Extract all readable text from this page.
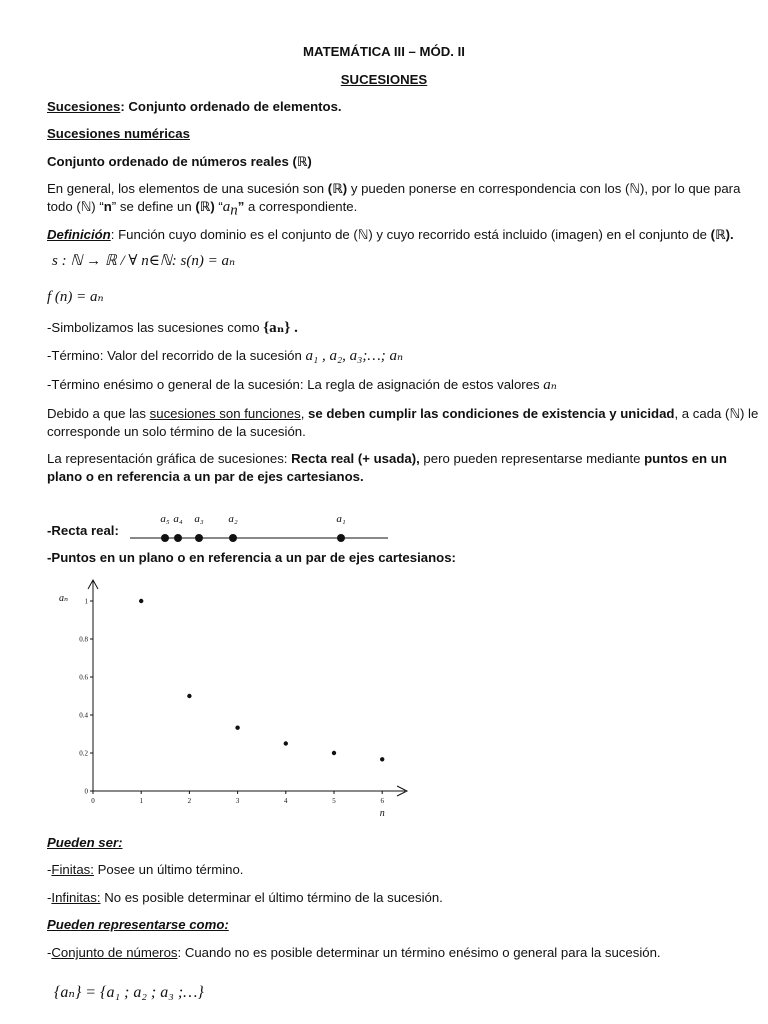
MATEMÁTICA III – MÓD. II
SUCESIONES
Sucesiones: Conjunto ordenado de elementos.
Sucesiones numéricas
Conjunto ordenado de números reales (ℝ)
En general, los elementos de una sucesión son (ℝ) y pueden ponerse en correspondencia con los (ℕ), por lo que para
todo (ℕ) “n” se define un (ℝ) “$a_n$” a correspondiente.
Definición: Función cuyo dominio es el conjunto de (ℕ) y cuyo recorrido está incluido (imagen) en el conjunto de (ℝ).
s : ℕ → ℝ / ∀ n∈ℕ: s(n) = aₙ
f (n) = aₙ
-Simbolizamos las sucesiones como {aₙ} .
-Término: Valor del recorrido de la sucesión a₁ , a₂, a₃;…; aₙ
-Término enésimo o general de la sucesión: La regla de asignación de estos valores aₙ
Debido a que las sucesiones son funciones, se deben cumplir las condiciones de existencia y unicidad, a cada (ℕ) le
corresponde un solo término de la sucesión.
La representación gráfica de sucesiones: Recta real (+ usada), pero pueden representarse mediante puntos en un
plano o en referencia a un par de ejes cartesianos.
-Recta real:
a₅ a₄ a₃ a₂	a₁
-Puntos en un plano o en referencia a un par de ejes cartesianos:
0	1	2	3	4	5	6
0
0.2
0.4
0.6
0.8
1
aₙ
n
Pueden ser:
-Finitas: Posee un último término.
-Infinitas: No es posible determinar el último término de la sucesión.
Pueden representarse como:
-Conjunto de números: Cuando no es posible determinar un término enésimo o general para la sucesión.
{aₙ} = {a₁ ; a₂ ; a₃ ;…}
